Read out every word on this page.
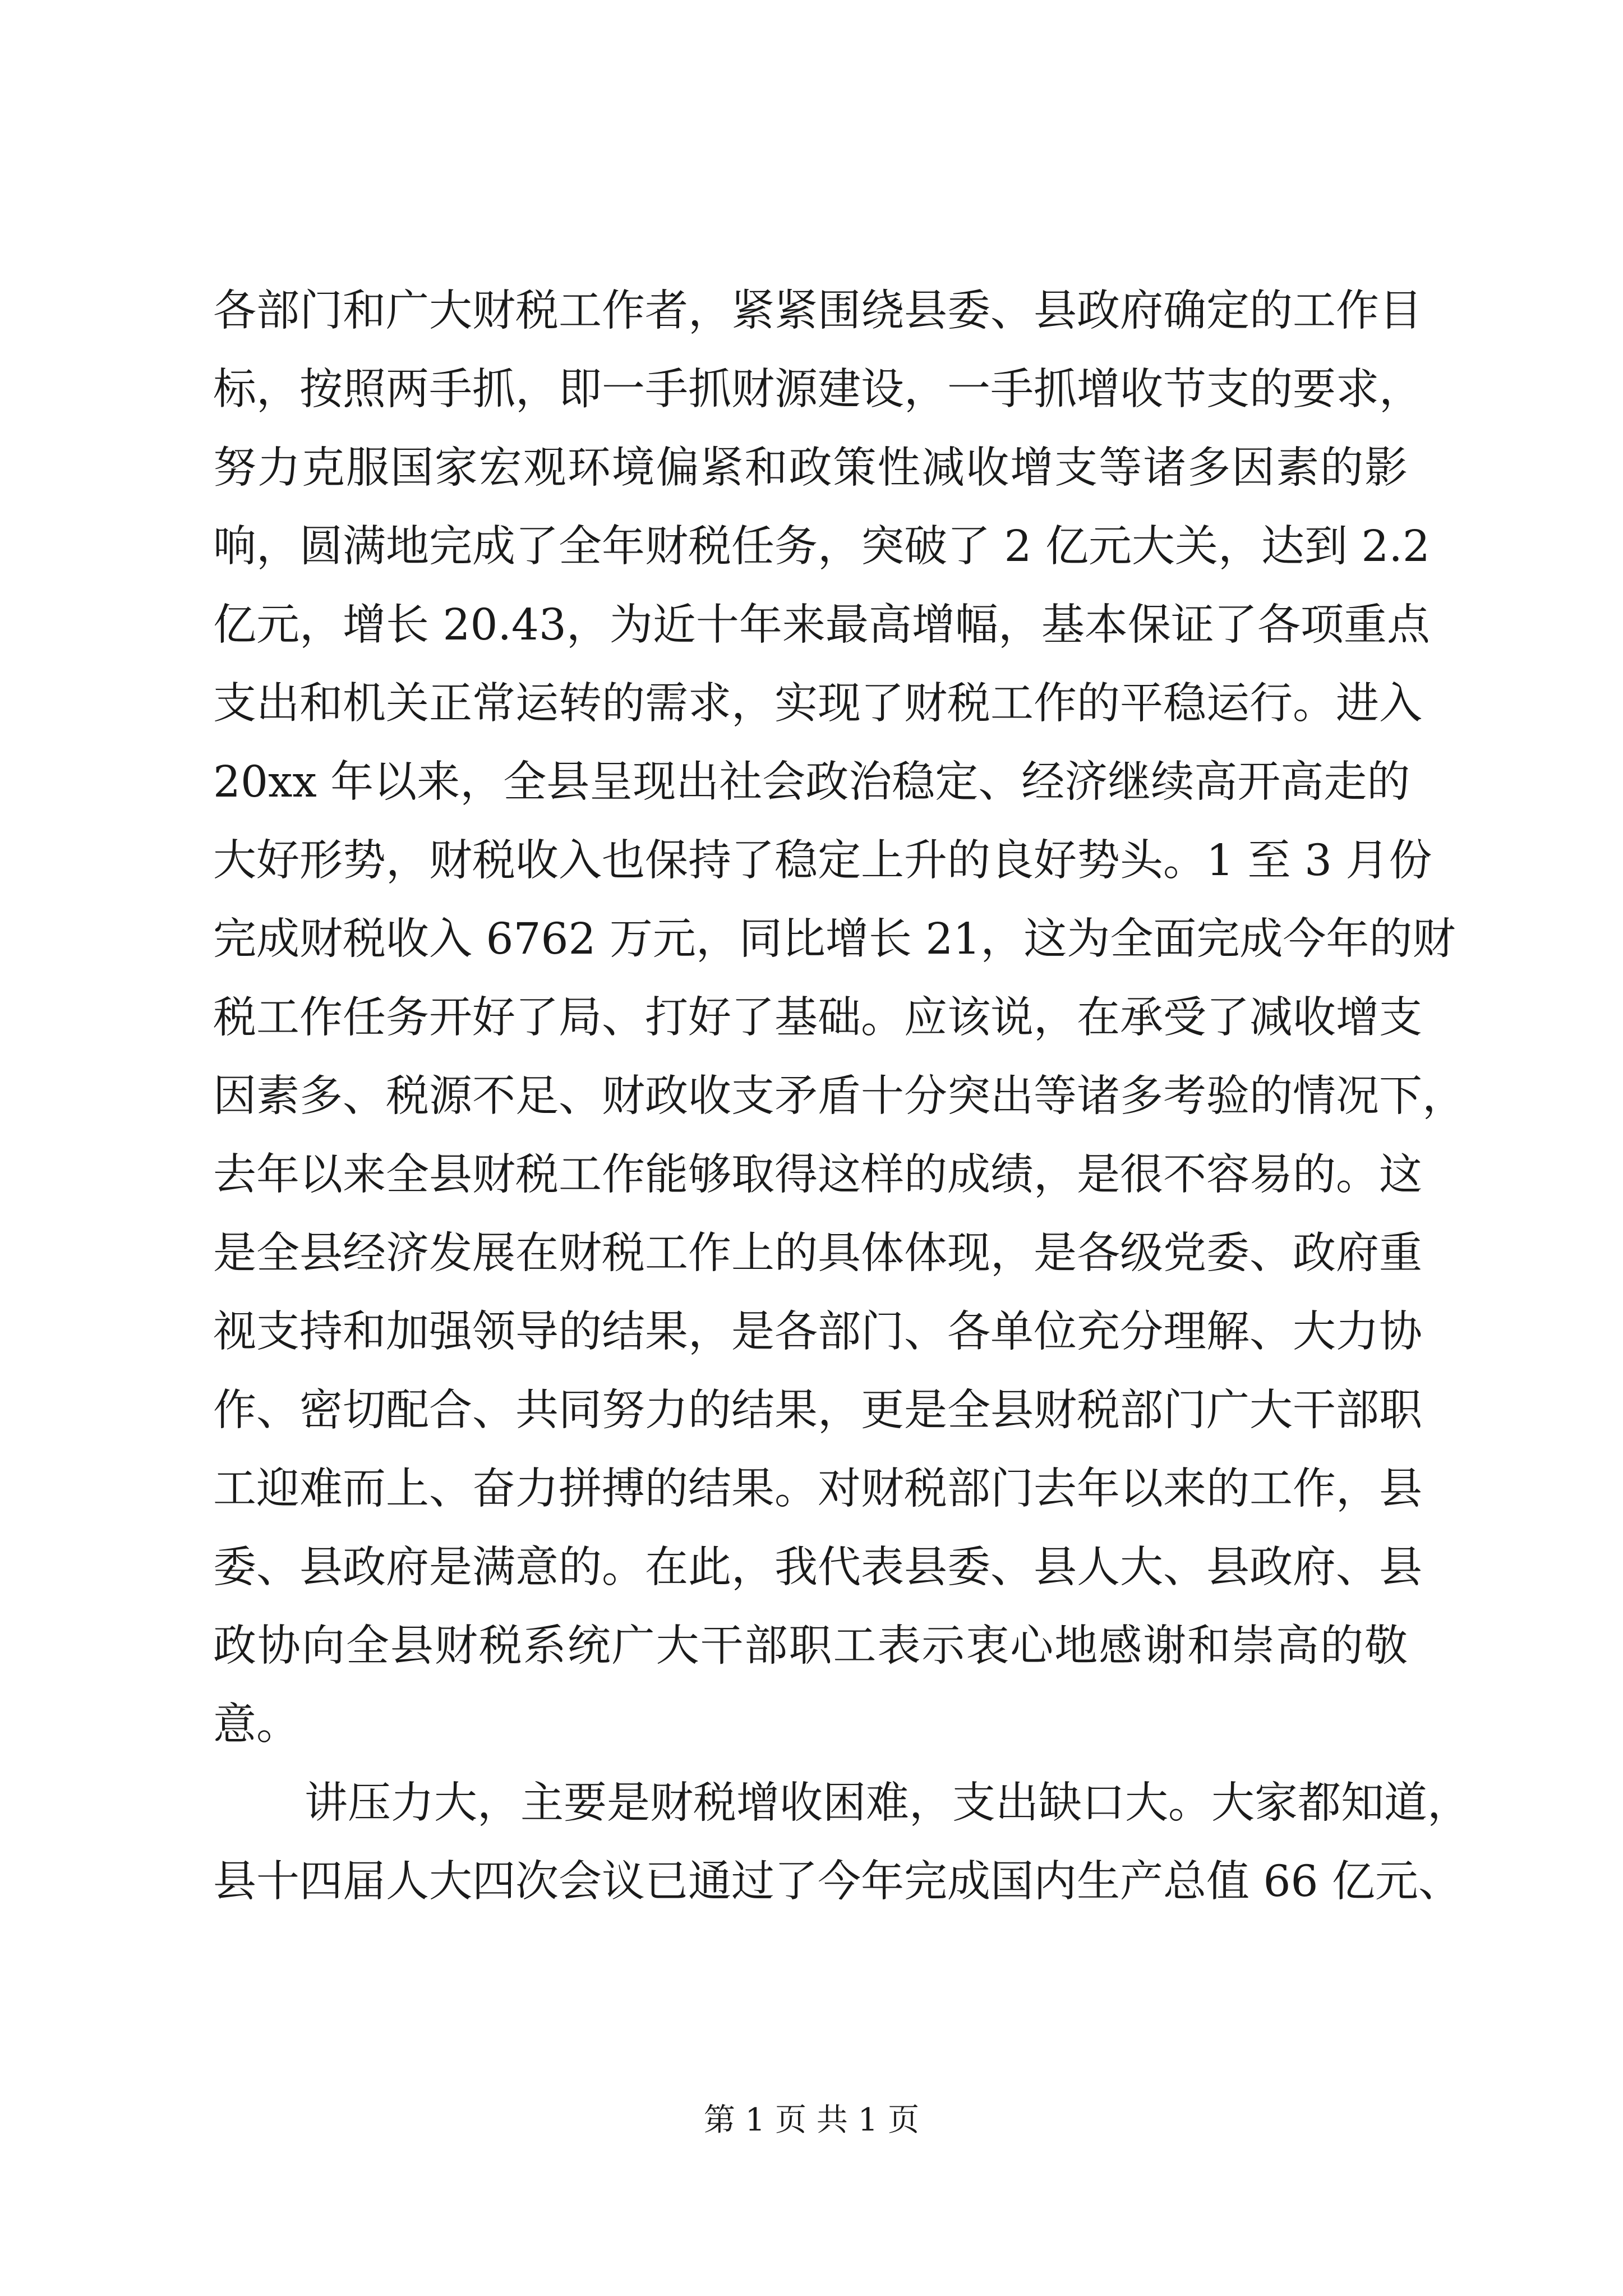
各部门和广大财税工作者，紧紧围绕县委、县政府确定的工作目
标，按照两手抓，即一手抓财源建设，一手抓增收节支的要求，
努力克服国家宏观环境偏紧和政策性减收增支等诸多因素的影
响，圆满地完成了全年财税任务，突破了 2 亿元大关，达到 2.2
亿元，增长 20.43，为近十年来最高增幅，基本保证了各项重点
支出和机关正常运转的需求，实现了财税工作的平稳运行。进入
20xx 年以来，全县呈现出社会政治稳定、经济继续高开高走的
大好形势，财税收入也保持了稳定上升的良好势头。1 至 3 月份
完成财税收入 6762 万元，同比增长 21，这为全面完成今年的财
税工作任务开好了局、打好了基础。应该说，在承受了减收增支
因素多、税源不足、财政收支矛盾十分突出等诸多考验的情况下，
去年以来全县财税工作能够取得这样的成绩，是很不容易的。这
是全县经济发展在财税工作上的具体体现，是各级党委、政府重
视支持和加强领导的结果，是各部门、各单位充分理解、大力协
作、密切配合、共同努力的结果，更是全县财税部门广大干部职
工迎难而上、奋力拼搏的结果。对财税部门去年以来的工作，县
委、县政府是满意的。在此，我代表县委、县人大、县政府、县
政协向全县财税系统广大干部职工表示衷心地感谢和崇高的敬
意。
讲压力大，主要是财税增收困难，支出缺口大。大家都知道，
县十四届人大四次会议已通过了今年完成国内生产总值 66 亿元、
第 1 页 共 1 页
